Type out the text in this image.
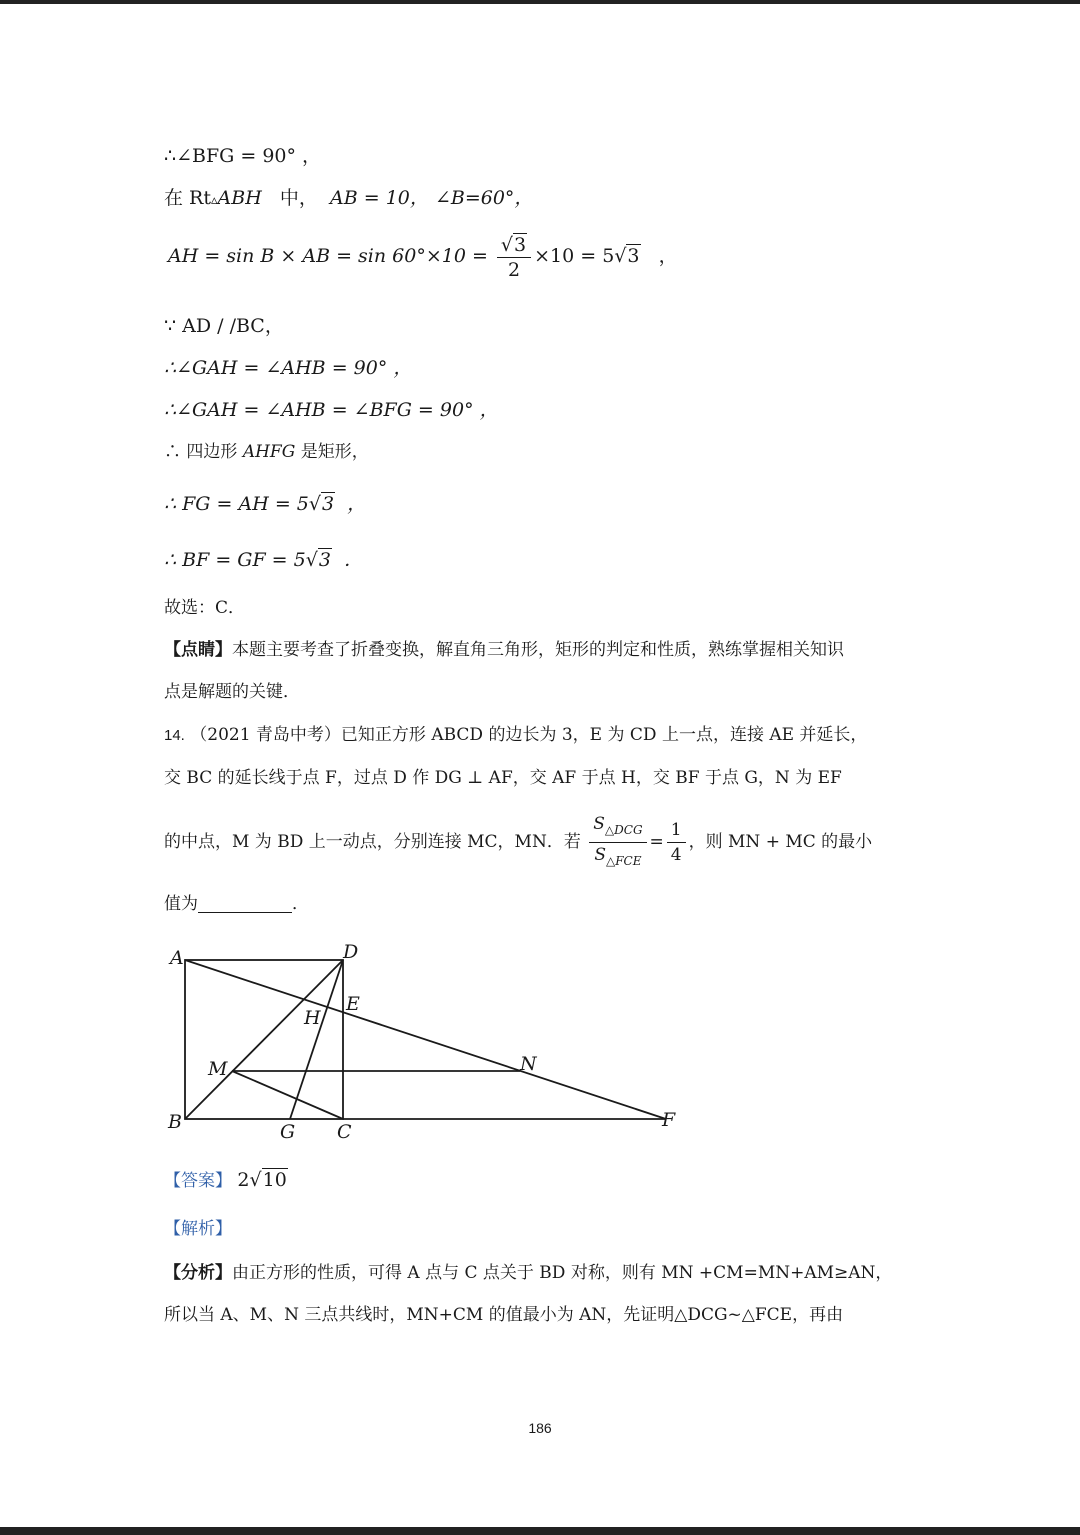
∴∠BFG = 90° ，
在 Rt▵ABH 中， AB = 10， ∠B=60°，
AH = sin B × AB = $\sin 60^\circ\times 10 = \frac{√3}{2} \times 10 = 5√3$ ，
∵ AD / /BC，
∴∠GAH = ∠AHB = 90° ，
∴∠GAH = ∠AHB = ∠BFG = 90° ，
∴ 四边形 AHFG 是矩形，
∴ FG = AH = 5√3 ，
∴ BF = GF = 5√3 ．
故选：C．
【点睛】本题主要考查了折叠变换，解直角三角形，矩形的判定和性质，熟练掌握相关知识
点是解题的关键．
14. （2021 青岛中考）已知正方形 ABCD 的边长为 3，E 为 CD 上一点，连接 AE 并延长，
交 BC 的延长线于点 F，过点 D 作 DG ⊥ AF，交 AF 于点 H，交 BF 于点 G，N 为 EF
的中点，M 为 BD 上一动点，分别连接 MC，MN．若 $\frac{S_{\triangle DCG}}{S_{\triangle FCE}} = \frac{1}{4}$ ，则 MN + MC 的最小
值为	．
A	D
E
H
M	N
B	G C
F
【答案】 2√10
【解析】
【分析】由正方形的性质，可得 A 点与 C 点关于 BD 对称，则有 MN +CM=MN+AM≥AN，
所以当 A、M、N 三点共线时，MN+CM 的值最小为 AN，先证明△DCG~△FCE，再由
186
